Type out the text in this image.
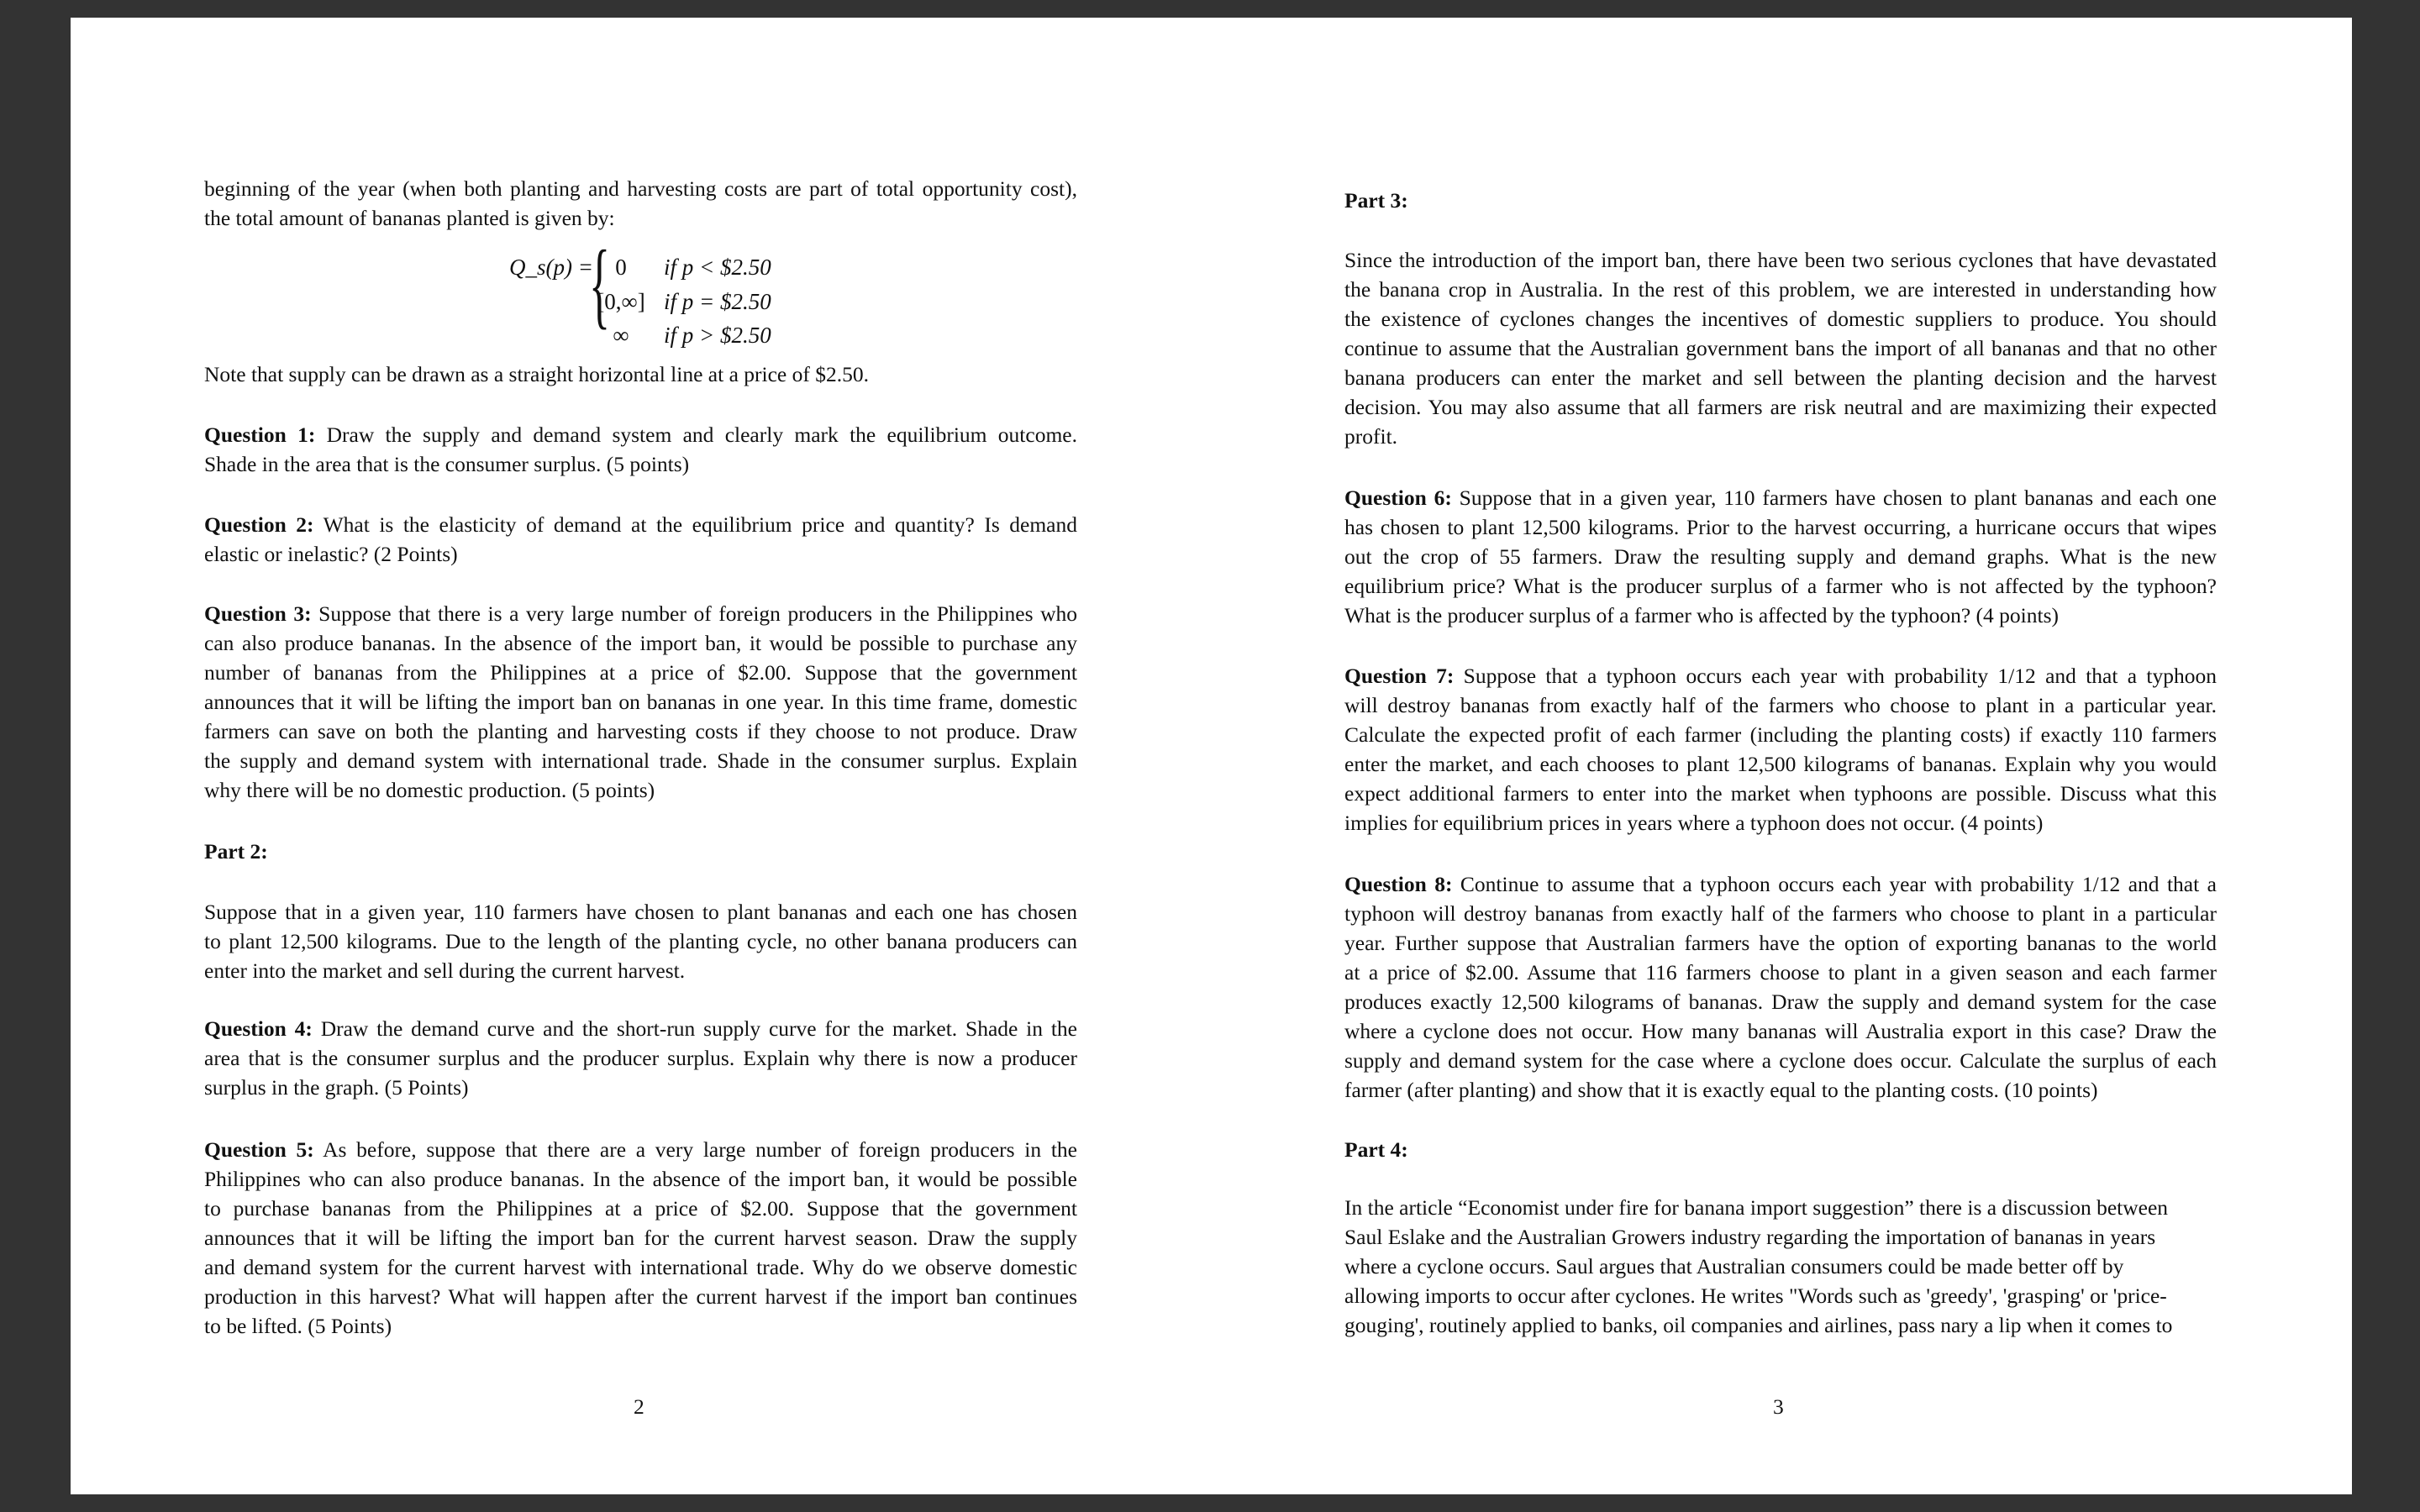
beginning of the year (when both planting and harvesting costs are part of total opportunity cost),
the total amount of bananas planted is given by:
Q_s(p) =
{ 0	if p < $2.50
[0,∞] if p = $2.50
∞	if p > $2.50
Note that supply can be drawn as a straight horizontal line at a price of $2.50.
Question 1: Draw the supply and demand system and clearly mark the equilibrium outcome.
Shade in the area that is the consumer surplus. (5 points)
Question 2: What is the elasticity of demand at the equilibrium price and quantity? Is demand
elastic or inelastic? (2 Points)
Question 3: Suppose that there is a very large number of foreign producers in the Philippines who
can also produce bananas. In the absence of the import ban, it would be possible to purchase any
number of bananas from the Philippines at a price of $2.00. Suppose that the government
announces that it will be lifting the import ban on bananas in one year. In this time frame, domestic
farmers can save on both the planting and harvesting costs if they choose to not produce. Draw
the supply and demand system with international trade. Shade in the consumer surplus. Explain
why there will be no domestic production. (5 points)
Part 2:
Suppose that in a given year, 110 farmers have chosen to plant bananas and each one has chosen
to plant 12,500 kilograms. Due to the length of the planting cycle, no other banana producers can
enter into the market and sell during the current harvest.
Question 4: Draw the demand curve and the short-run supply curve for the market. Shade in the
area that is the consumer surplus and the producer surplus. Explain why there is now a producer
surplus in the graph. (5 Points)
Question 5: As before, suppose that there are a very large number of foreign producers in the
Philippines who can also produce bananas. In the absence of the import ban, it would be possible
to purchase bananas from the Philippines at a price of $2.00. Suppose that the government
announces that it will be lifting the import ban for the current harvest season. Draw the supply
and demand system for the current harvest with international trade. Why do we observe domestic
production in this harvest? What will happen after the current harvest if the import ban continues
to be lifted. (5 Points)
2
Part 3:
Since the introduction of the import ban, there have been two serious cyclones that have devastated
the banana crop in Australia. In the rest of this problem, we are interested in understanding how
the existence of cyclones changes the incentives of domestic suppliers to produce. You should
continue to assume that the Australian government bans the import of all bananas and that no other
banana producers can enter the market and sell between the planting decision and the harvest
decision. You may also assume that all farmers are risk neutral and are maximizing their expected
profit.
Question 6: Suppose that in a given year, 110 farmers have chosen to plant bananas and each one
has chosen to plant 12,500 kilograms. Prior to the harvest occurring, a hurricane occurs that wipes
out the crop of 55 farmers. Draw the resulting supply and demand graphs. What is the new
equilibrium price? What is the producer surplus of a farmer who is not affected by the typhoon?
What is the producer surplus of a farmer who is affected by the typhoon? (4 points)
Question 7: Suppose that a typhoon occurs each year with probability 1/12 and that a typhoon
will destroy bananas from exactly half of the farmers who choose to plant in a particular year.
Calculate the expected profit of each farmer (including the planting costs) if exactly 110 farmers
enter the market, and each chooses to plant 12,500 kilograms of bananas. Explain why you would
expect additional farmers to enter into the market when typhoons are possible. Discuss what this
implies for equilibrium prices in years where a typhoon does not occur. (4 points)
Question 8: Continue to assume that a typhoon occurs each year with probability 1/12 and that a
typhoon will destroy bananas from exactly half of the farmers who choose to plant in a particular
year. Further suppose that Australian farmers have the option of exporting bananas to the world
at a price of $2.00. Assume that 116 farmers choose to plant in a given season and each farmer
produces exactly 12,500 kilograms of bananas. Draw the supply and demand system for the case
where a cyclone does not occur. How many bananas will Australia export in this case? Draw the
supply and demand system for the case where a cyclone does occur. Calculate the surplus of each
farmer (after planting) and show that it is exactly equal to the planting costs. (10 points)
Part 4:
In the article “Economist under fire for banana import suggestion” there is a discussion between
Saul Eslake and the Australian Growers industry regarding the importation of bananas in years
where a cyclone occurs. Saul argues that Australian consumers could be made better off by
allowing imports to occur after cyclones. He writes "Words such as 'greedy', 'grasping' or 'price-
gouging', routinely applied to banks, oil companies and airlines, pass nary a lip when it comes to
3
